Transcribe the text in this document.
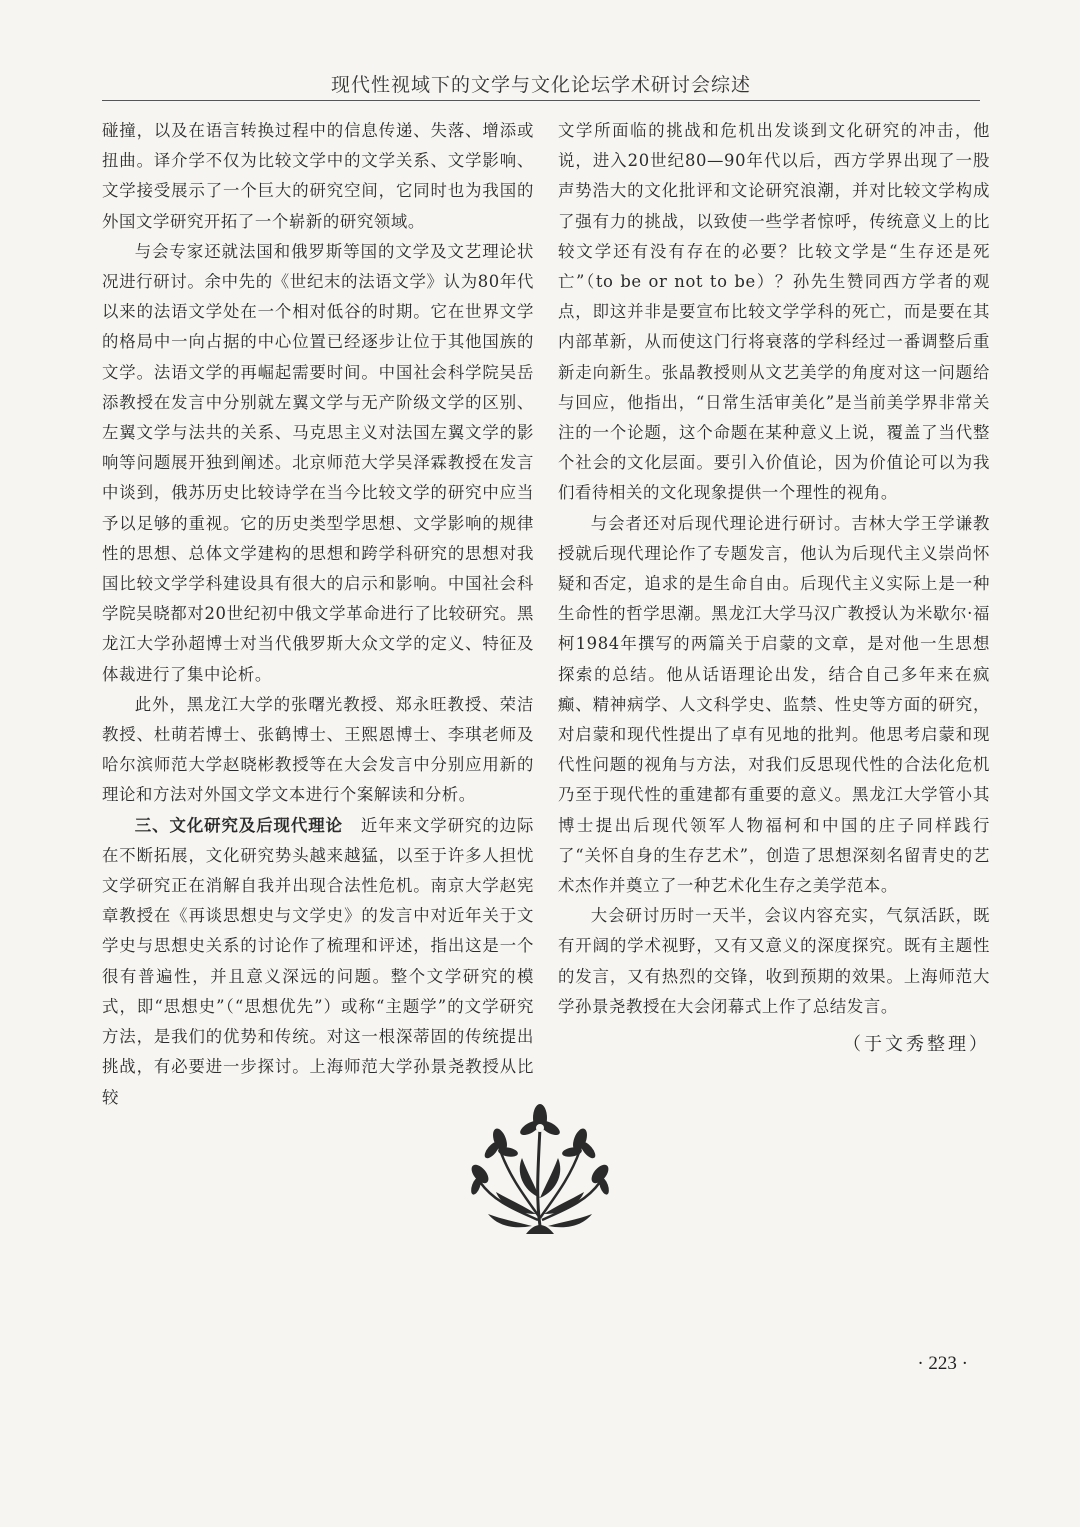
现代性视域下的文学与文化论坛学术研讨会综述

碰撞，以及在语言转换过程中的信息传递、失落、增添或扭曲。译介学不仅为比较文学中的文学关系、文学影响、文学接受展示了一个巨大的研究空间，它同时也为我国的外国文学研究开拓了一个崭新的研究领域。

与会专家还就法国和俄罗斯等国的文学及文艺理论状况进行研讨。余中先的《世纪末的法语文学》认为80年代以来的法语文学处在一个相对低谷的时期。它在世界文学的格局中一向占据的中心位置已经逐步让位于其他国族的文学。法语文学的再崛起需要时间。中国社会科学院吴岳添教授在发言中分别就左翼文学与无产阶级文学的区别、左翼文学与法共的关系、马克思主义对法国左翼文学的影响等问题展开独到阐述。北京师范大学吴泽霖教授在发言中谈到，俄苏历史比较诗学在当今比较文学的研究中应当予以足够的重视。它的历史类型学思想、文学影响的规律性的思想、总体文学建构的思想和跨学科研究的思想对我国比较文学学科建设具有很大的启示和影响。中国社会科学院吴晓都对20世纪初中俄文学革命进行了比较研究。黑龙江大学孙超博士对当代俄罗斯大众文学的定义、特征及体裁进行了集中论析。

此外，黑龙江大学的张曙光教授、郑永旺教授、荣洁教授、杜萌若博士、张鹤博士、王熙恩博士、李琪老师及哈尔滨师范大学赵晓彬教授等在大会发言中分别应用新的理论和方法对外国文学文本进行个案解读和分析。

三、文化研究及后现代理论 近年来文学研究的边际在不断拓展，文化研究势头越来越猛，以至于许多人担忧文学研究正在消解自我并出现合法性危机。南京大学赵宪章教授在《再谈思想史与文学史》的发言中对近年关于文学史与思想史关系的讨论作了梳理和评述，指出这是一个很有普遍性，并且意义深远的问题。整个文学研究的模式，即“思想史”（“思想优先”）或称“主题学”的文学研究方法，是我们的优势和传统。对这一根深蒂固的传统提出挑战，有必要进一步探讨。上海师范大学孙景尧教授从比较

文学所面临的挑战和危机出发谈到文化研究的冲击，他说，进入20世纪80—90年代以后，西方学界出现了一股声势浩大的文化批评和文论研究浪潮，并对比较文学构成了强有力的挑战，以致使一些学者惊呼，传统意义上的比较文学还有没有存在的必要？比较文学是“生存还是死亡”（to be or not to be）？孙先生赞同西方学者的观点，即这并非是要宣布比较文学学科的死亡，而是要在其内部革新，从而使这门行将衰落的学科经过一番调整后重新走向新生。张晶教授则从文艺美学的角度对这一问题给与回应，他指出，“日常生活审美化”是当前美学界非常关注的一个论题，这个命题在某种意义上说，覆盖了当代整个社会的文化层面。要引入价值论，因为价值论可以为我们看待相关的文化现象提供一个理性的视角。

与会者还对后现代理论进行研讨。吉林大学王学谦教授就后现代理论作了专题发言，他认为后现代主义崇尚怀疑和否定，追求的是生命自由。后现代主义实际上是一种生命性的哲学思潮。黑龙江大学马汉广教授认为米歇尔·福柯1984年撰写的两篇关于启蒙的文章，是对他一生思想探索的总结。他从话语理论出发，结合自己多年来在疯癫、精神病学、人文科学史、监禁、性史等方面的研究，对启蒙和现代性提出了卓有见地的批判。他思考启蒙和现代性问题的视角与方法，对我们反思现代性的合法化危机乃至于现代性的重建都有重要的意义。黑龙江大学管小其博士提出后现代领军人物福柯和中国的庄子同样践行了“关怀自身的生存艺术”，创造了思想深刻名留青史的艺术杰作并奠立了一种艺术化生存之美学范本。

大会研讨历时一天半，会议内容充实，气氛活跃，既有开阔的学术视野，又有又意义的深度探究。既有主题性的发言，又有热烈的交锋，收到预期的效果。上海师范大学孙景尧教授在大会闭幕式上作了总结发言。

（于文秀整理）
· 223 ·
